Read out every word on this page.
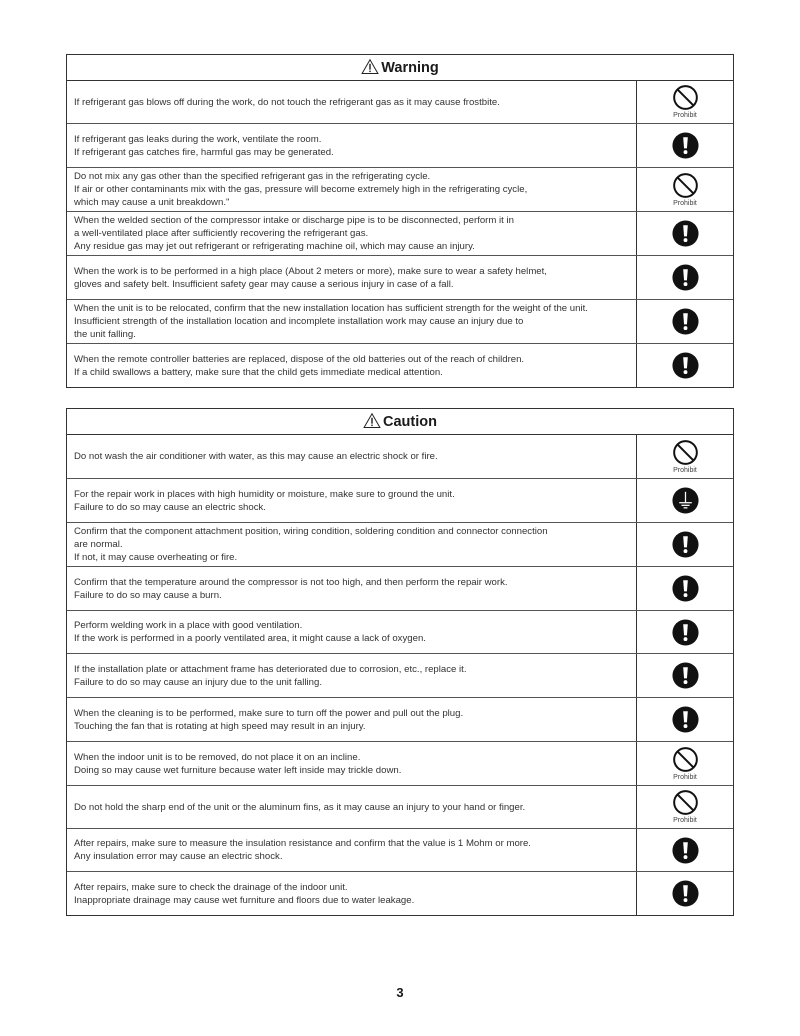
Warning
If refrigerant gas blows off during the work, do not touch the refrigerant gas as it may cause frostbite.
Prohibit
If refrigerant gas leaks during the work, ventilate the room.
If refrigerant gas catches fire, harmful gas may be generated.
Do not mix any gas other than the specified refrigerant gas in the refrigerating cycle.
If air or other contaminants mix with the gas, pressure will become extremely high in the refrigerating cycle,
which may cause a unit breakdown."	Prohibit
When the welded section of the compressor intake or discharge pipe is to be disconnected, perform it in
a well-ventilated place after sufficiently recovering the refrigerant gas.
Any residue gas may jet out refrigerant or refrigerating machine oil, which may cause an injury.
When the work is to be performed in a high place (About 2 meters or more), make sure to wear a safety helmet,
gloves and safety belt. Insufficient safety gear may cause a serious injury in case of a fall.
When the unit is to be relocated, confirm that the new installation location has sufficient strength for the weight of the unit.
Insufficient strength of the installation location and incomplete installation work may cause an injury due to
the unit falling.
When the remote controller batteries are replaced, dispose of the old batteries out of the reach of children.
If a child swallows a battery, make sure that the child gets immediate medical attention.
Caution
Do not wash the air conditioner with water, as this may cause an electric shock or fire.
Prohibit
For the repair work in places with high humidity or moisture, make sure to ground the unit.
Failure to do so may cause an electric shock.
Confirm that the component attachment position, wiring condition, soldering condition and connector connection
are normal.
If not, it may cause overheating or fire.
Confirm that the temperature around the compressor is not too high, and then perform the repair work.
Failure to do so may cause a burn.
Perform welding work in a place with good ventilation.
If the work is performed in a poorly ventilated area, it might cause a lack of oxygen.
If the installation plate or attachment frame has deteriorated due to corrosion, etc., replace it.
Failure to do so may cause an injury due to the unit falling.
When the cleaning is to be performed, make sure to turn off the power and pull out the plug.
Touching the fan that is rotating at high speed may result in an injury.
When the indoor unit is to be removed, do not place it on an incline.
Doing so may cause wet furniture because water left inside may trickle down.
Prohibit
Do not hold the sharp end of the unit or the aluminum fins, as it may cause an injury to your hand or finger.
Prohibit
After repairs, make sure to measure the insulation resistance and confirm that the value is 1 Mohm or more.
Any insulation error may cause an electric shock.
After repairs, make sure to check the drainage of the indoor unit.
Inappropriate drainage may cause wet furniture and floors due to water leakage.
3
